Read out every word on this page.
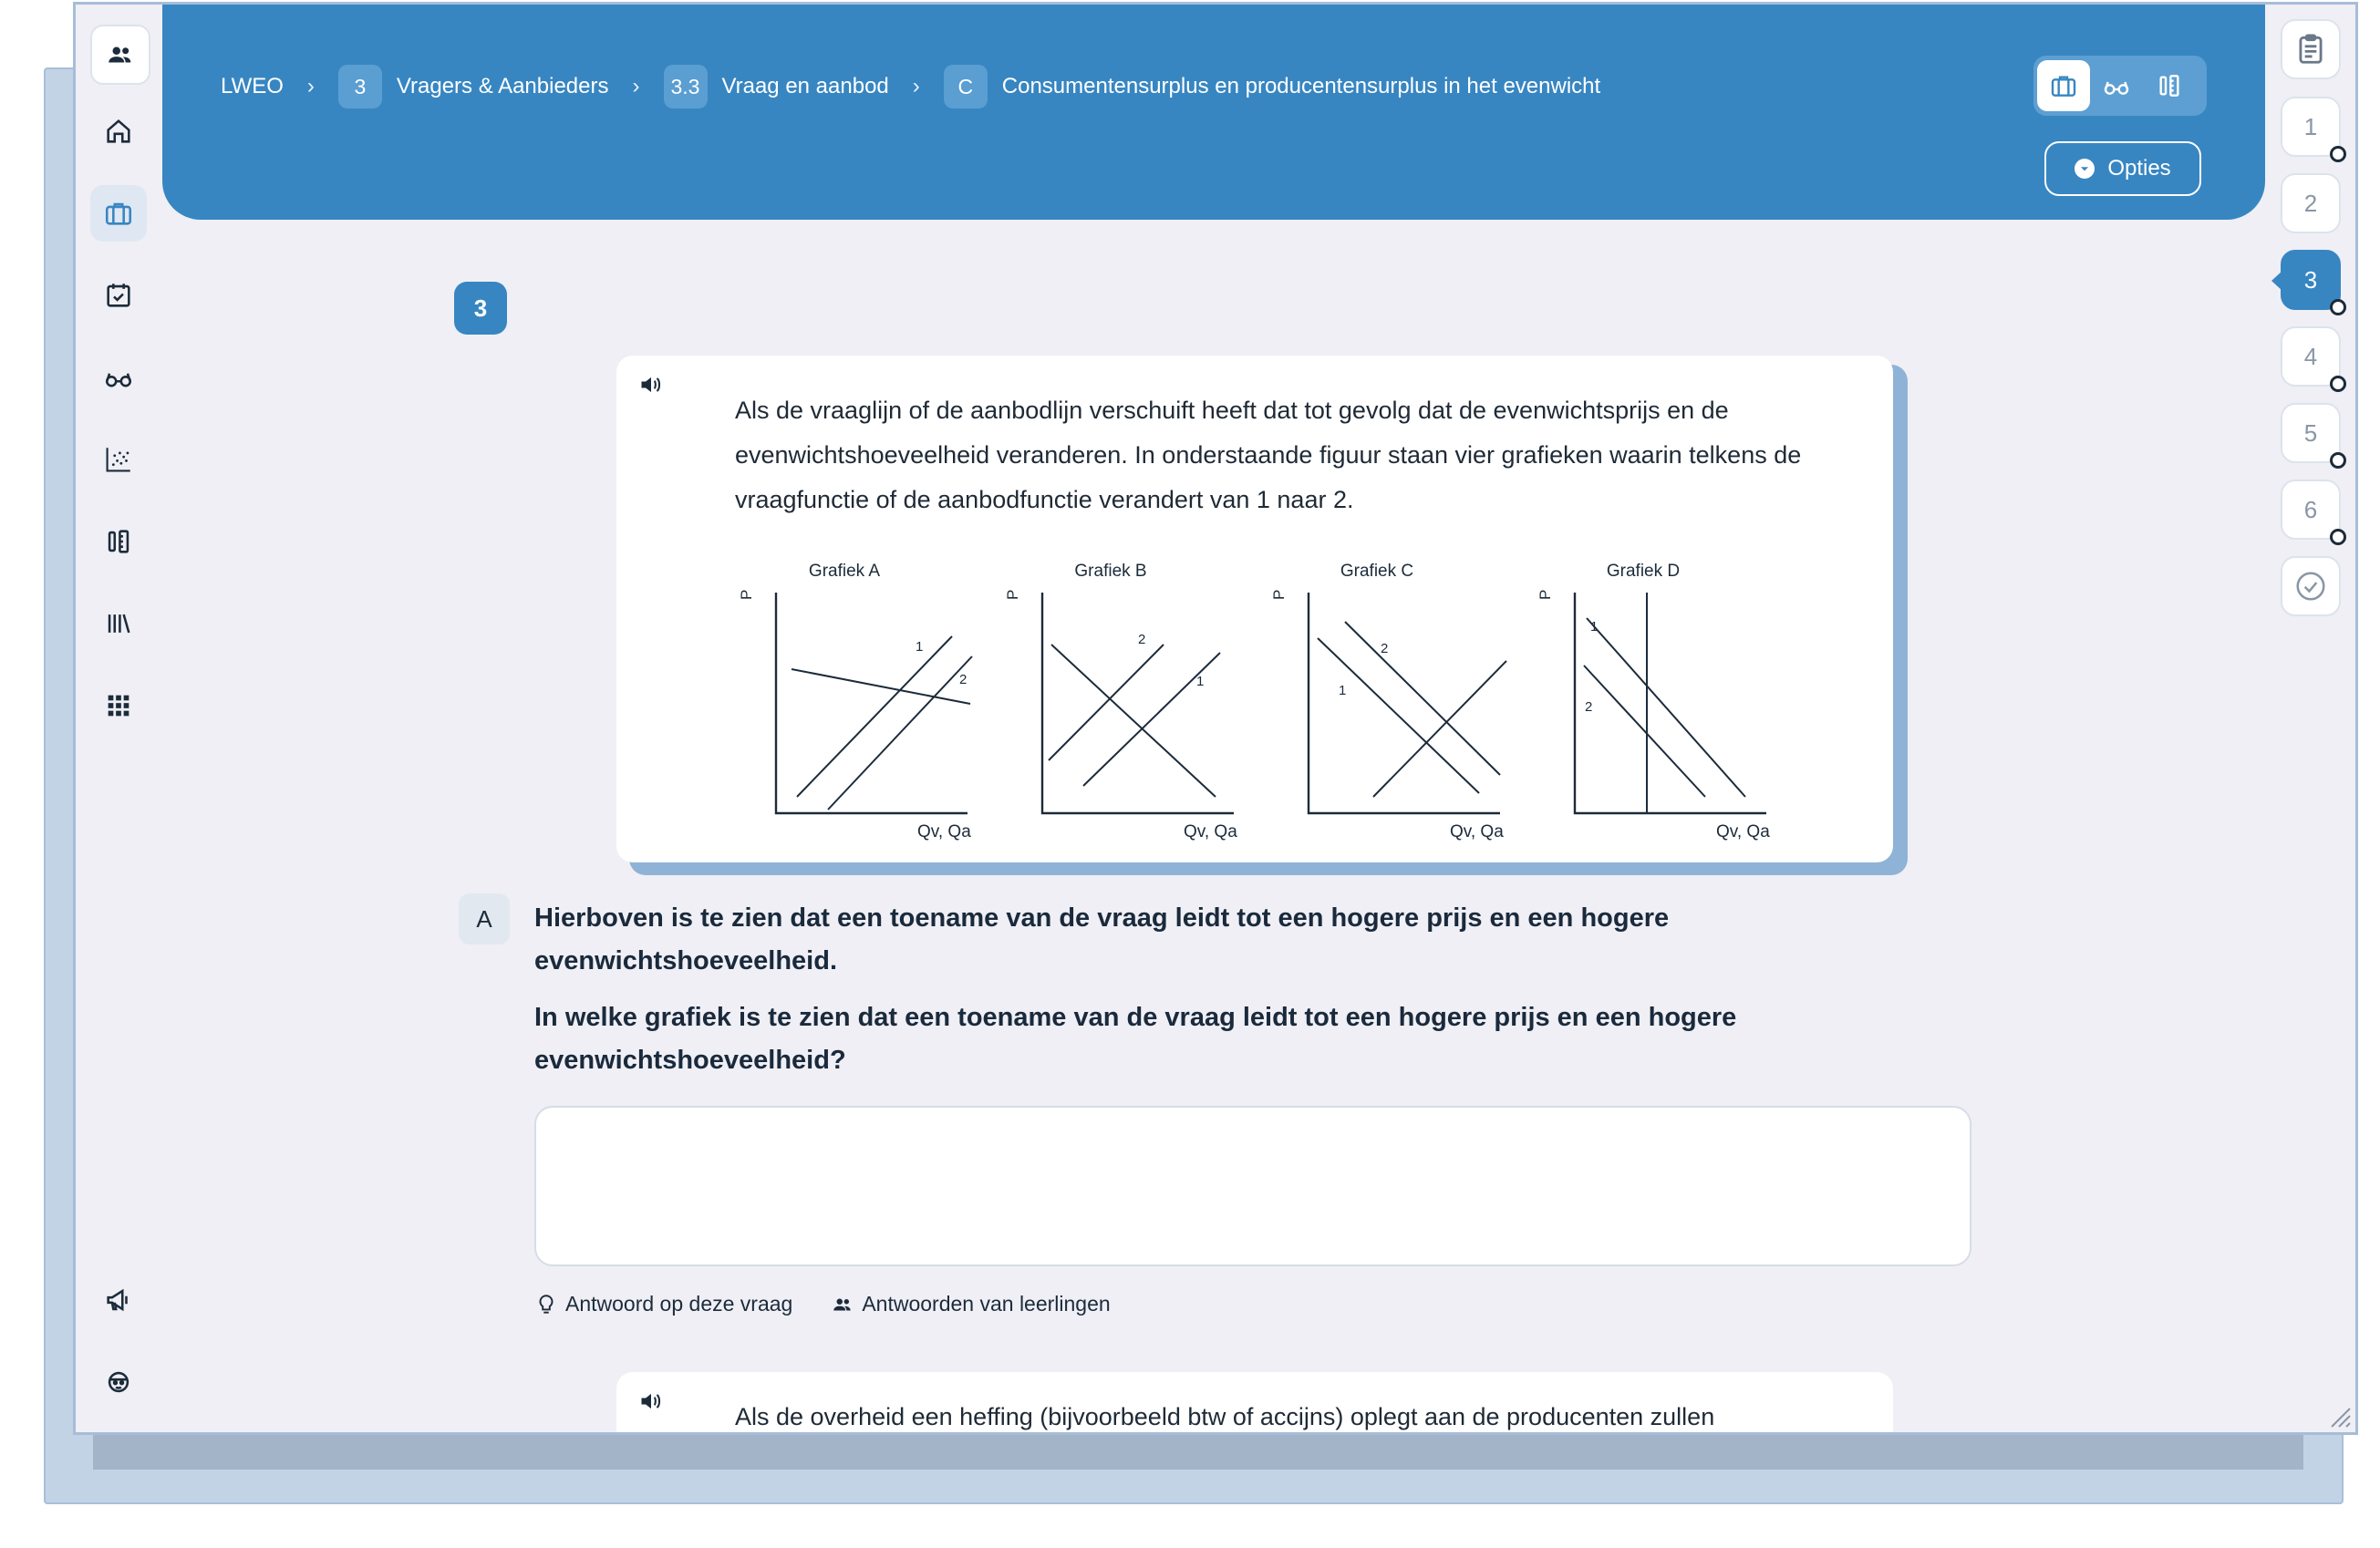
LWEO ›	3	Vragers & Aanbieders ›	3.3	Vraag en aanbod ›	C	Consumentensurplus en producentensurplus in het evenwicht
Opties
1
2
3
4
5
6
3
Als de vraaglijn of de aanbodlijn verschuift heeft dat tot gevolg dat de evenwichtsprijs en de evenwichtshoeveelheid veranderen. In onderstaande figuur staan vier grafieken waarin telkens de vraagfunctie of de aanbodfunctie verandert van 1 naar 2.
Grafiek A
P
1
2
Qv, Qa
Grafiek B
P
2
1
Qv, Qa
Grafiek C
P
2
1
Qv, Qa
Grafiek D
P
1
2
Qv, Qa
A	Hierboven is te zien dat een toename van de vraag leidt tot een hogere prijs en een hogere evenwichtshoeveelheid.

In welke grafiek is te zien dat een toename van de vraag leidt tot een hogere prijs en een hogere evenwichtshoeveelheid?

Antwoord op deze vraag	Antwoorden van leerlingen
Als de overheid een heffing (bijvoorbeeld btw of accijns) oplegt aan de producenten zullen
